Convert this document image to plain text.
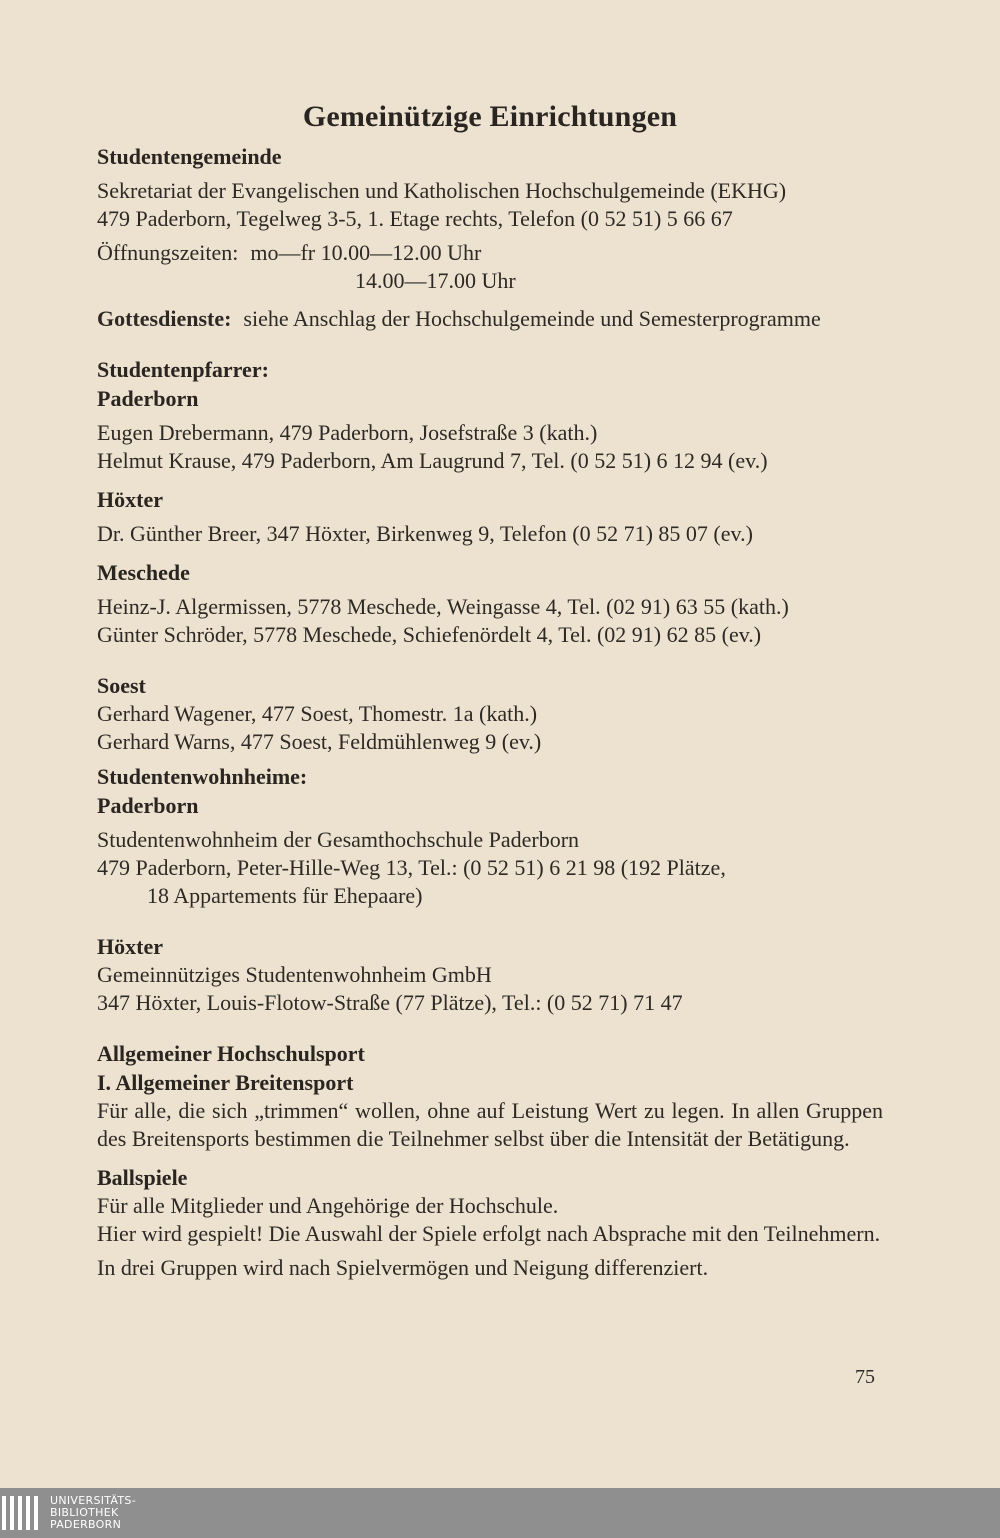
Gemeinützige Einrichtungen
Studentengemeinde
Sekretariat der Evangelischen und Katholischen Hochschulgemeinde (EKHG)
479 Paderborn, Tegelweg 3-5, 1. Etage rechts, Telefon (0 52 51) 5 66 67
Öffnungszeiten: mo—fr 10.00—12.00 Uhr
14.00—17.00 Uhr
Gottesdienste: siehe Anschlag der Hochschulgemeinde und Semesterprogramme
Studentenpfarrer:
Paderborn
Eugen Drebermann, 479 Paderborn, Josefstraße 3 (kath.)
Helmut Krause, 479 Paderborn, Am Laugrund 7, Tel. (0 52 51) 6 12 94 (ev.)
Höxter
Dr. Günther Breer, 347 Höxter, Birkenweg 9, Telefon (0 52 71) 85 07 (ev.)
Meschede
Heinz-J. Algermissen, 5778 Meschede, Weingasse 4, Tel. (02 91) 63 55 (kath.)
Günter Schröder, 5778 Meschede, Schiefenördelt 4, Tel. (02 91) 62 85 (ev.)
Soest
Gerhard Wagener, 477 Soest, Thomestr. 1a (kath.)
Gerhard Warns, 477 Soest, Feldmühlenweg 9 (ev.)
Studentenwohnheime:
Paderborn
Studentenwohnheim der Gesamthochschule Paderborn
479 Paderborn, Peter-Hille-Weg 13, Tel.: (0 52 51) 6 21 98 (192 Plätze,
18 Appartements für Ehepaare)
Höxter
Gemeinnütziges Studentenwohnheim GmbH
347 Höxter, Louis-Flotow-Straße (77 Plätze), Tel.: (0 52 71) 71 47
Allgemeiner Hochschulsport
I. Allgemeiner Breitensport
Für alle, die sich „trimmen“ wollen, ohne auf Leistung Wert zu legen. In allen Gruppen des Breitensports bestimmen die Teilnehmer selbst über die Intensität der Betätigung.
Ballspiele
Für alle Mitglieder und Angehörige der Hochschule.
Hier wird gespielt! Die Auswahl der Spiele erfolgt nach Absprache mit den Teilnehmern.
In drei Gruppen wird nach Spielvermögen und Neigung differenziert.
75
UNIVERSITÄTS-
BIBLIOTHEK
PADERBORN
